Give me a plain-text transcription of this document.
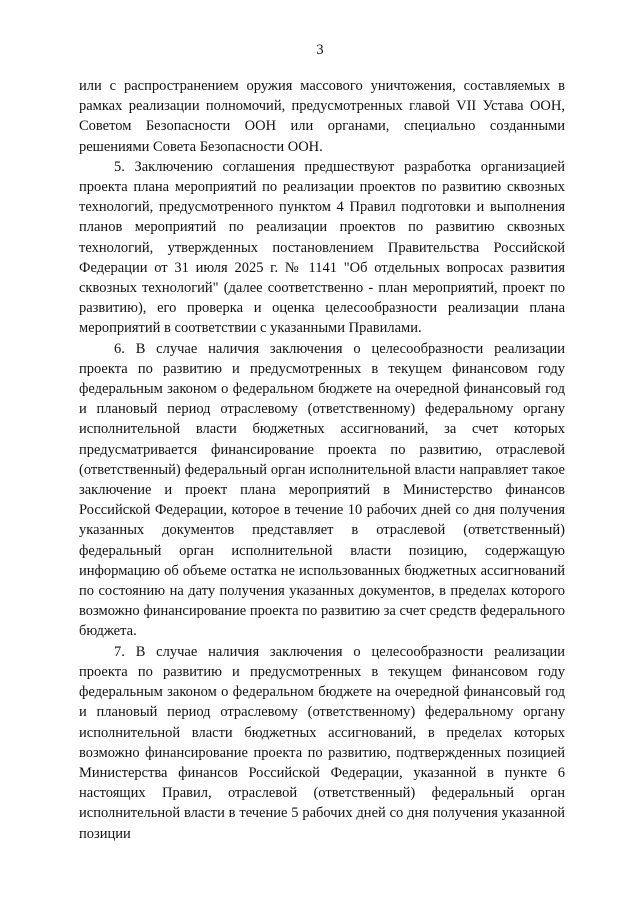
3

или с распространением оружия массового уничтожения, составляемых в рамках реализации полномочий, предусмотренных главой VII Устава ООН, Советом Безопасности ООН или органами, специально созданными решениями Совета Безопасности ООН.

5. Заключению соглашения предшествуют разработка организацией проекта плана мероприятий по реализации проектов по развитию сквозных технологий, предусмотренного пунктом 4 Правил подготовки и выполнения планов мероприятий по реализации проектов по развитию сквозных технологий, утвержденных постановлением Правительства Российской Федерации от 31 июля 2025 г. № 1141 "Об отдельных вопросах развития сквозных технологий" (далее соответственно - план мероприятий, проект по развитию), его проверка и оценка целесообразности реализации плана мероприятий в соответствии с указанными Правилами.

6. В случае наличия заключения о целесообразности реализации проекта по развитию и предусмотренных в текущем финансовом году федеральным законом о федеральном бюджете на очередной финансовый год и плановый период отраслевому (ответственному) федеральному органу исполнительной власти бюджетных ассигнований, за счет которых предусматривается финансирование проекта по развитию, отраслевой (ответственный) федеральный орган исполнительной власти направляет такое заключение и проект плана мероприятий в Министерство финансов Российской Федерации, которое в течение 10 рабочих дней со дня получения указанных документов представляет в отраслевой (ответственный) федеральный орган исполнительной власти позицию, содержащую информацию об объеме остатка не использованных бюджетных ассигнований по состоянию на дату получения указанных документов, в пределах которого возможно финансирование проекта по развитию за счет средств федерального бюджета.

7. В случае наличия заключения о целесообразности реализации проекта по развитию и предусмотренных в текущем финансовом году федеральным законом о федеральном бюджете на очередной финансовый год и плановый период отраслевому (ответственному) федеральному органу исполнительной власти бюджетных ассигнований, в пределах которых возможно финансирование проекта по развитию, подтвержденных позицией Министерства финансов Российской Федерации, указанной в пункте 6 настоящих Правил, отраслевой (ответственный) федеральный орган исполнительной власти в течение 5 рабочих дней со дня получения указанной позиции
